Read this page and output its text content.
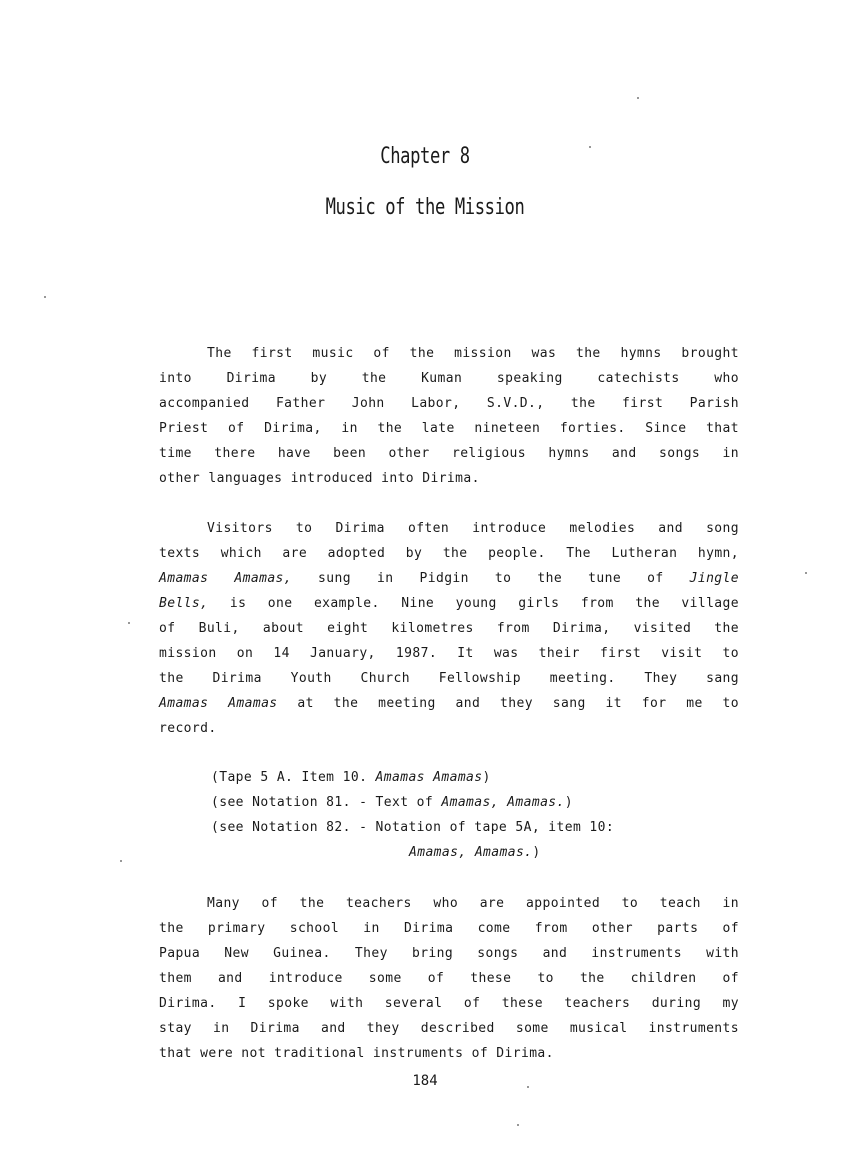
Chapter 8
Music of the Mission
The first music of the mission was the hymns brought
into Dirima by the Kuman speaking catechists who
accompanied Father John Labor, S.V.D., the first Parish
Priest of Dirima, in the late nineteen forties. Since that
time there have been other religious hymns and songs in
other languages introduced into Dirima.
Visitors to Dirima often introduce melodies and song
texts which are adopted by the people. The Lutheran hymn,
Amamas Amamas, sung in Pidgin to the tune of Jingle
Bells, is one example. Nine young girls from the village
of Buli, about eight kilometres from Dirima, visited the
mission on 14 January, 1987. It was their first visit to
the Dirima Youth Church Fellowship meeting. They sang
Amamas Amamas at the meeting and they sang it for me to
record.
(Tape 5 A. Item 10. Amamas Amamas)
(see Notation 81. - Text of Amamas, Amamas.)
(see Notation 82. - Notation of tape 5A, item 10:
Amamas, Amamas.)
Many of the teachers who are appointed to teach in
the primary school in Dirima come from other parts of
Papua New Guinea. They bring songs and instruments with
them and introduce some of these to the children of
Dirima. I spoke with several of these teachers during my
stay in Dirima and they described some musical instruments
that were not traditional instruments of Dirima.
184
